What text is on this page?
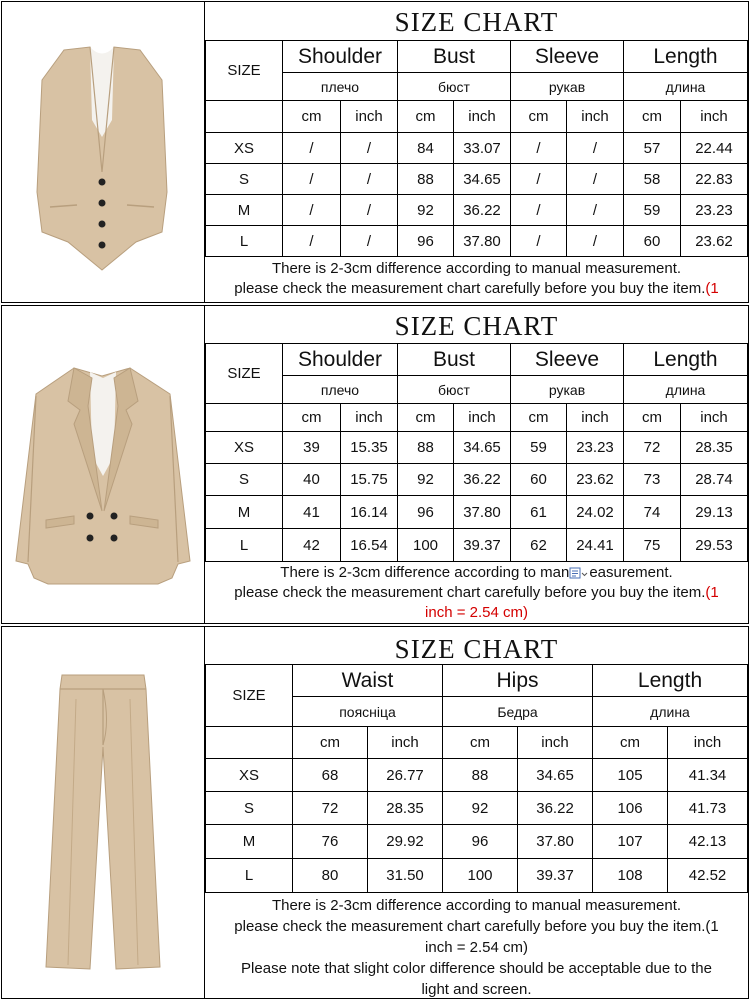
SIZE CHART
SIZE	Shoulder		Bust		Sleeve		Length	
	плечо		бюст		рукав		длина	
	cm	inch	cm	inch	cm	inch	cm	inch
XS	/	/	84	33.07	/	/	57	22.44
S	/	/	88	34.65	/	/	58	22.83
M	/	/	92	36.22	/	/	59	23.23
L	/	/	96	37.80	/	/	60	23.62
There is 2-3cm difference according to manual measurement.
please check the measurement chart carefully before you buy the item.(1
SIZE CHART
SIZE	Shoulder		Bust		Sleeve		Length	
	плечо		бюст		рукав		длина	
	cm	inch	cm	inch	cm	inch	cm	inch
XS	39	15.35	88	34.65	59	23.23	72	28.35
S	40	15.75	92	36.22	60	23.62	73	28.74
M	41	16.14	96	37.80	61	24.02	74	29.13
L	42	16.54	100	39.37	62	24.41	75	29.53
There is 2-3cm difference according to man easurement.
please check the measurement chart carefully before you buy the item.(1
inch = 2.54 cm)
SIZE CHART
SIZE	Waist		Hips		Length	
	пояснiца		Бедра		длина	
	cm	inch	cm	inch	cm	inch
XS	68	26.77	88	34.65	105	41.34
S	72	28.35	92	36.22	106	41.73
M	76	29.92	96	37.80	107	42.13
L	80	31.50	100	39.37	108	42.52
There is 2-3cm difference according to manual measurement.
please check the measurement chart carefully before you buy the item.(1
inch = 2.54 cm)
Please note that slight color difference should be acceptable due to the
light and screen.
